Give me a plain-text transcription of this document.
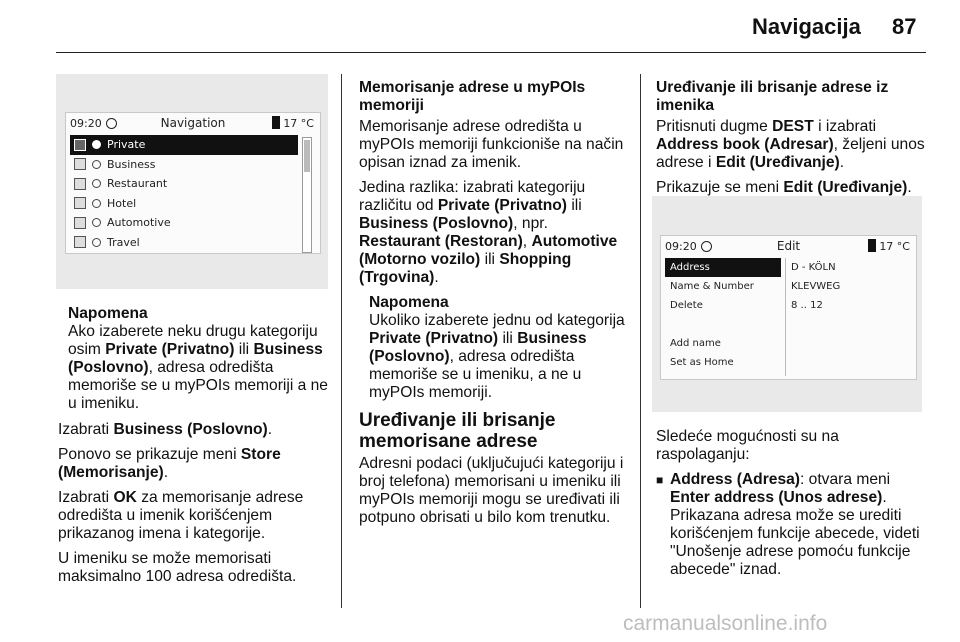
Navigacija 87
09:20	Navigation	17 °C
Private
Business
Restaurant
Hotel
Automotive
Travel
Napomena
Ako izaberete neku drugu kategoriju osim Private (Privatno) ili Business (Poslovno), adresa odredišta memoriše se u myPOIs memoriji a ne u imeniku.

Izabrati Business (Poslovno).

Ponovo se prikazuje meni Store (Memorisanje).

Izabrati OK za memorisanje adrese odredišta u imenik korišćenjem prikazanog imena i kategorije.

U imeniku se može memorisati maksimalno 100 adresa odredišta.

Memorisanje adrese u myPOIs memoriji

Memorisanje adrese odredišta u myPOIs memoriji funkcioniše na način opisan iznad za imenik.

Jedina razlika: izabrati kategoriju različitu od Private (Privatno) ili Business (Poslovno), npr. Restaurant (Restoran), Automotive (Motorno vozilo) ili Shopping (Trgovina).

Napomena
Ukoliko izaberete jednu od kategorija Private (Privatno) ili Business (Poslovno), adresa odredišta memoriše se u imeniku, a ne u myPOIs memoriji.
Uređivanje ili brisanje memorisane adrese

Adresni podaci (uključujući kategoriju i broj telefona) memorisani u imeniku ili myPOIs memoriji mogu se uređivati ili potpuno obrisati u bilo kom trenutku.

Uređivanje ili brisanje adrese iz imenika

Pritisnuti dugme DEST i izabrati Address book (Adresar), željeni unos adrese i Edit (Uređivanje).

Prikazuje se meni Edit (Uređivanje).

09:20	Edit	17 °C
Address
Name & Number
Delete
Add name
Set as Home
D - KÖLN
KLEVWEG
8 .. 12

Sledeće mogućnosti su na raspolaganju:

■ Address (Adresa): otvara meni Enter address (Unos adrese). Prikazana adresa može se urediti korišćenjem funkcije abecede, videti "Unošenje adrese pomoću funkcije abecede" iznad.
carmanualsonline.info
